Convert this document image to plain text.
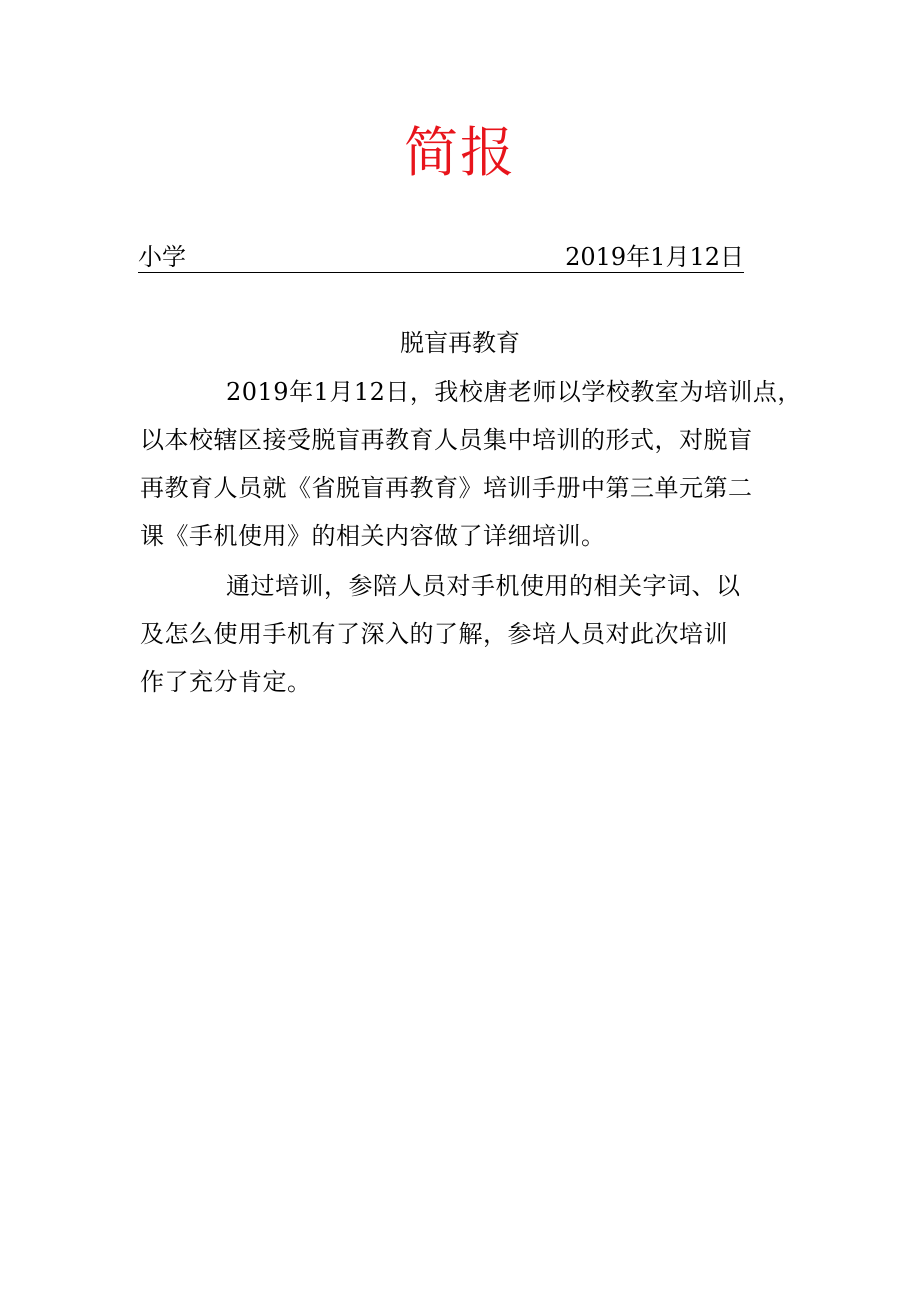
简报
小学	2019年1月12日
脱盲再教育
2019年1月12日，我校唐老师以学校教室为培训点，
以本校辖区接受脱盲再教育人员集中培训的形式，对脱盲
再教育人员就《省脱盲再教育》培训手册中第三单元第二
课《手机使用》的相关内容做了详细培训。
通过培训，参陪人员对手机使用的相关字词、以
及怎么使用手机有了深入的了解，参培人员对此次培训
作了充分肯定。
